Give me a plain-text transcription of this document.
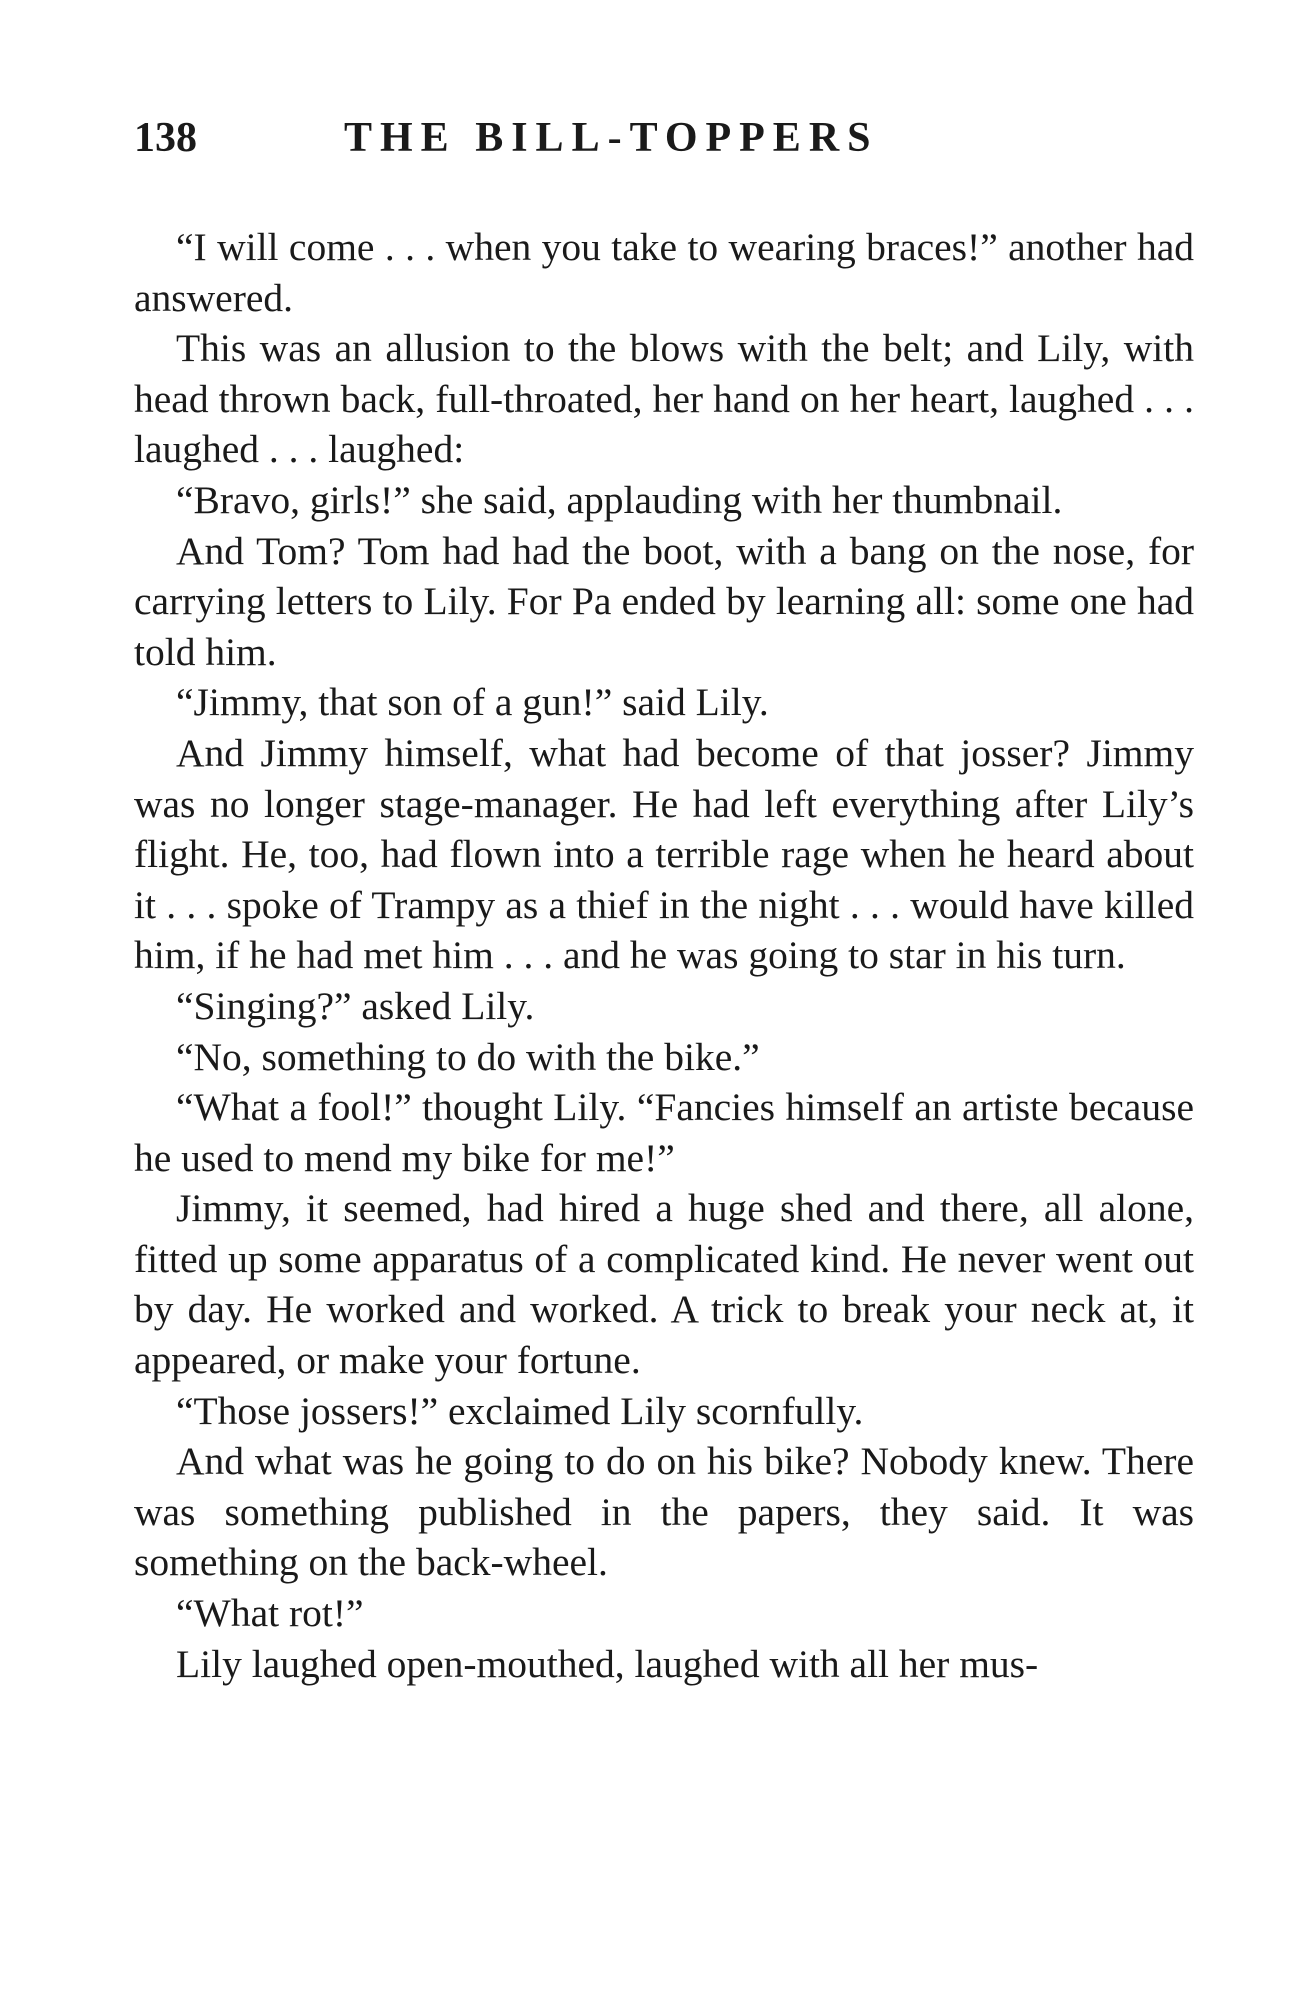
138	THE BILL-TOPPERS

“I will come . . . when you take to wearing braces!” another had answered.

This was an allusion to the blows with the belt; and Lily, with head thrown back, full-throated, her hand on her heart, laughed . . . laughed . . . laughed:

“Bravo, girls!” she said, applauding with her thumbnail.

And Tom? Tom had had the boot, with a bang on the nose, for carrying letters to Lily. For Pa ended by learning all: some one had told him.

“Jimmy, that son of a gun!” said Lily.

And Jimmy himself, what had become of that josser? Jimmy was no longer stage-manager. He had left everything after Lily’s flight. He, too, had flown into a terrible rage when he heard about it . . . spoke of Trampy as a thief in the night . . . would have killed him, if he had met him . . . and he was going to star in his turn.

“Singing?” asked Lily.

“No, something to do with the bike.”

“What a fool!” thought Lily. “Fancies himself an artiste because he used to mend my bike for me!”

Jimmy, it seemed, had hired a huge shed and there, all alone, fitted up some apparatus of a complicated kind. He never went out by day. He worked and worked. A trick to break your neck at, it appeared, or make your fortune.

“Those jossers!” exclaimed Lily scornfully.

And what was he going to do on his bike? Nobody knew. There was something published in the papers, they said. It was something on the back-wheel.

“What rot!”

Lily laughed open-mouthed, laughed with all her mus-
